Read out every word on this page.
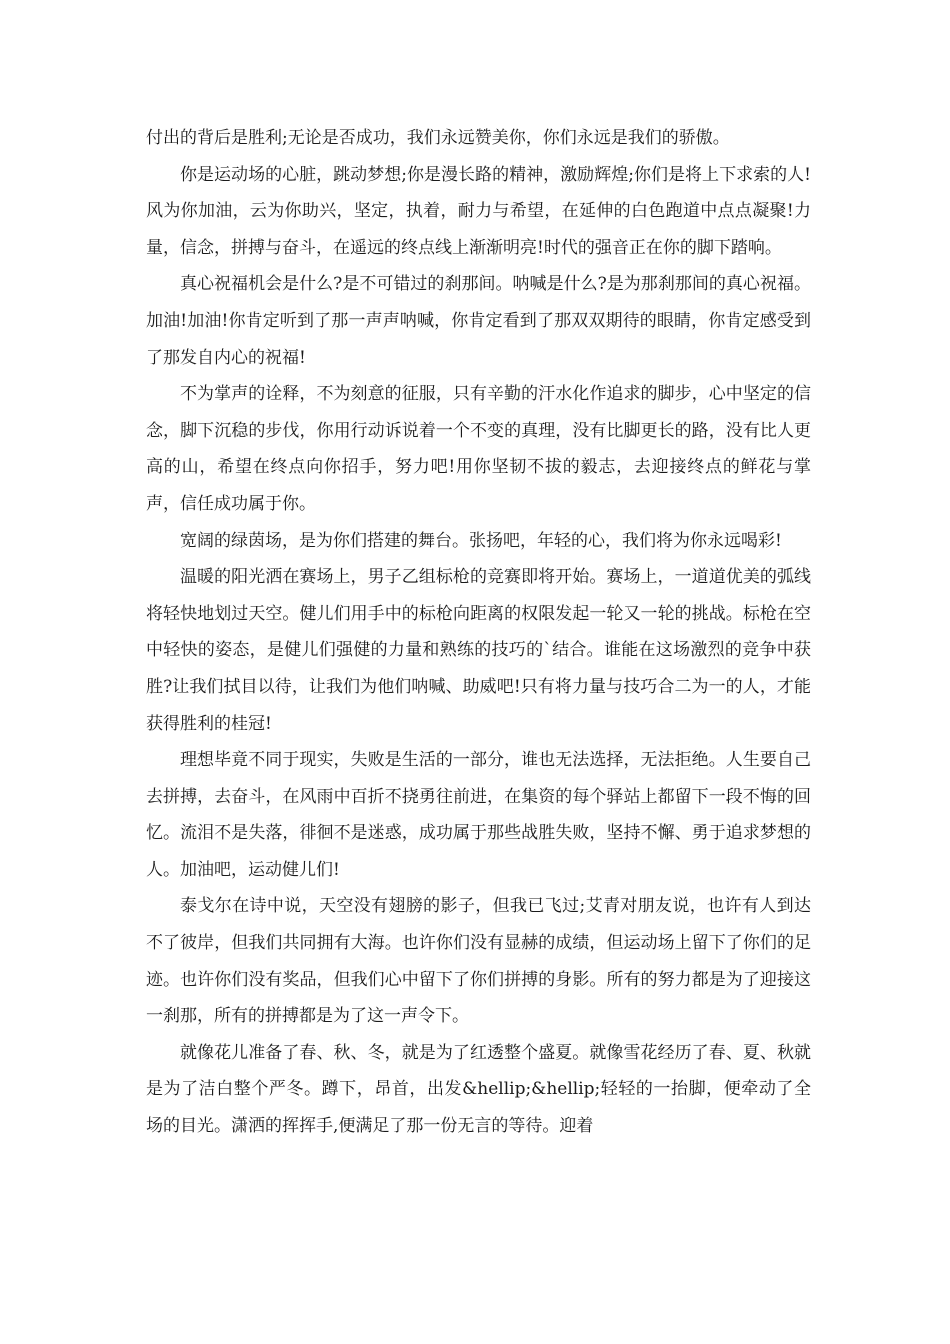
付出的背后是胜利;无论是否成功，我们永远赞美你，你们永远是我们的骄傲。

你是运动场的心脏，跳动梦想;你是漫长路的精神，激励辉煌;你们是将上下求索的人!风为你加油，云为你助兴，坚定，执着，耐力与希望，在延伸的白色跑道中点点凝聚!力量，信念，拼搏与奋斗，在遥远的终点线上渐渐明亮!时代的强音正在你的脚下踏响。

真心祝福机会是什么?是不可错过的刹那间。呐喊是什么?是为那刹那间的真心祝福。加油!加油!你肯定听到了那一声声呐喊，你肯定看到了那双双期待的眼睛，你肯定感受到了那发自内心的祝福!

不为掌声的诠释，不为刻意的征服，只有辛勤的汗水化作追求的脚步，心中坚定的信念，脚下沉稳的步伐，你用行动诉说着一个不变的真理，没有比脚更长的路，没有比人更高的山，希望在终点向你招手，努力吧!用你坚韧不拔的毅志，去迎接终点的鲜花与掌声，信任成功属于你。

宽阔的绿茵场，是为你们搭建的舞台。张扬吧，年轻的心，我们将为你永远喝彩!

温暖的阳光洒在赛场上，男子乙组标枪的竞赛即将开始。赛场上，一道道优美的弧线将轻快地划过天空。健儿们用手中的标枪向距离的权限发起一轮又一轮的挑战。标枪在空中轻快的姿态，是健儿们强健的力量和熟练的技巧的`结合。谁能在这场激烈的竞争中获胜?让我们拭目以待，让我们为他们呐喊、助威吧!只有将力量与技巧合二为一的人，才能获得胜利的桂冠!

理想毕竟不同于现实，失败是生活的一部分，谁也无法选择，无法拒绝。人生要自己去拼搏，去奋斗，在风雨中百折不挠勇往前进，在集资的每个驿站上都留下一段不悔的回忆。流泪不是失落，徘徊不是迷惑，成功属于那些战胜失败，坚持不懈、勇于追求梦想的人。加油吧，运动健儿们!

泰戈尔在诗中说，天空没有翅膀的影子，但我已飞过;艾青对朋友说，也许有人到达不了彼岸，但我们共同拥有大海。也许你们没有显赫的成绩，但运动场上留下了你们的足迹。也许你们没有奖品，但我们心中留下了你们拼搏的身影。所有的努力都是为了迎接这一刹那，所有的拼搏都是为了这一声令下。

就像花儿准备了春、秋、冬，就是为了红透整个盛夏。就像雪花经历了春、夏、秋就是为了洁白整个严冬。蹲下，昂首，出发&hellip;&hellip;轻轻的一抬脚，便牵动了全场的目光。潇洒的挥挥手,便满足了那一份无言的等待。迎着
